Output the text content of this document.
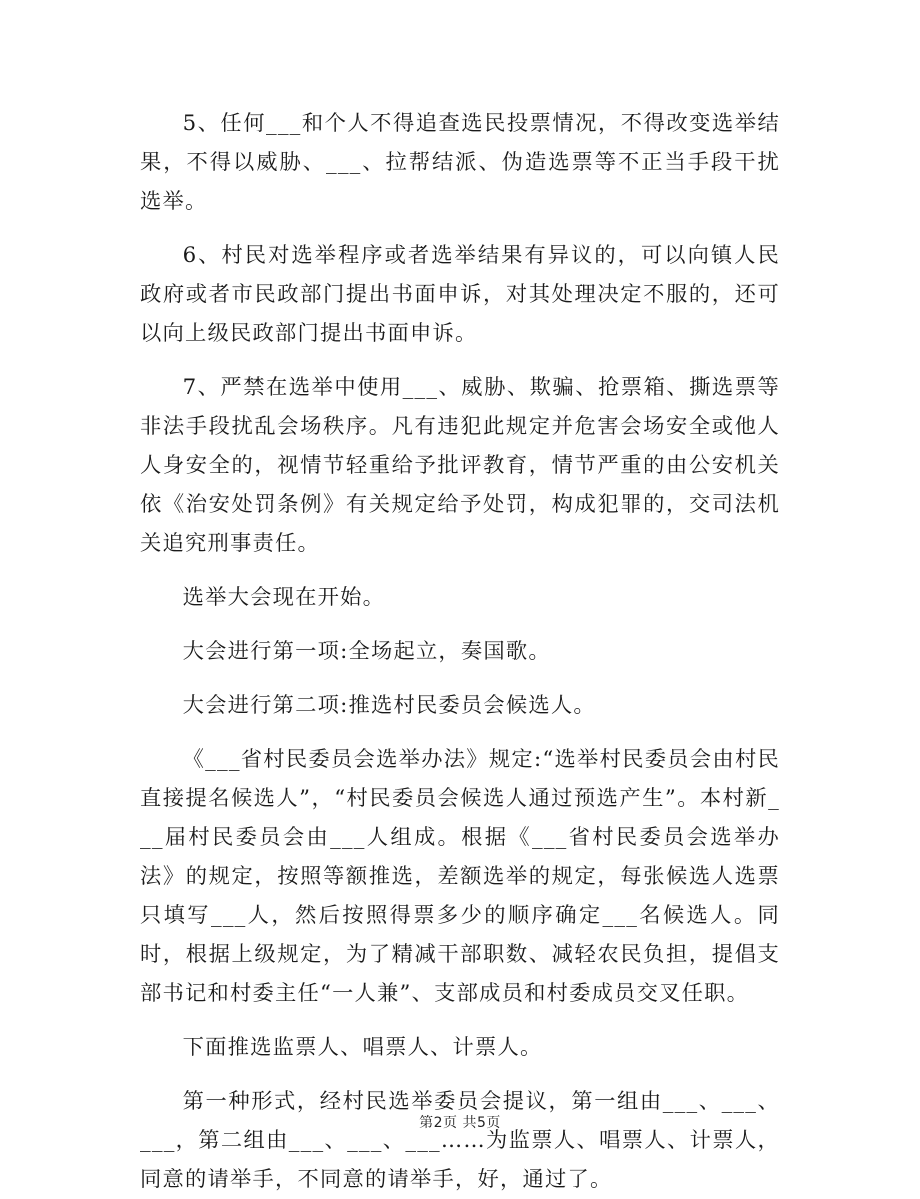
5、任何___和个人不得追查选民投票情况，不得改变选举结果，不得以威胁、___、拉帮结派、伪造选票等不正当手段干扰选举。

6、村民对选举程序或者选举结果有异议的，可以向镇人民政府或者市民政部门提出书面申诉，对其处理决定不服的，还可以向上级民政部门提出书面申诉。

7、严禁在选举中使用___、威胁、欺骗、抢票箱、撕选票等非法手段扰乱会场秩序。凡有违犯此规定并危害会场安全或他人人身安全的，视情节轻重给予批评教育，情节严重的由公安机关依《治安处罚条例》有关规定给予处罚，构成犯罪的，交司法机关追究刑事责任。

选举大会现在开始。

大会进行第一项:全场起立，奏国歌。

大会进行第二项:推选村民委员会候选人。

《___省村民委员会选举办法》规定:“选举村民委员会由村民直接提名候选人”，“村民委员会候选人通过预选产生”。本村新___届村民委员会由___人组成。根据《___省村民委员会选举办法》的规定，按照等额推选，差额选举的规定，每张候选人选票只填写___人，然后按照得票多少的顺序确定___名候选人。同时，根据上级规定，为了精减干部职数、减轻农民负担，提倡支部书记和村委主任“一人兼”、支部成员和村委成员交叉任职。

下面推选监票人、唱票人、计票人。

第一种形式，经村民选举委员会提议，第一组由___、___、___，第二组由___、___、___……为监票人、唱票人、计票人，同意的请举手，不同意的请举手，好，通过了。

第2页 共5页
